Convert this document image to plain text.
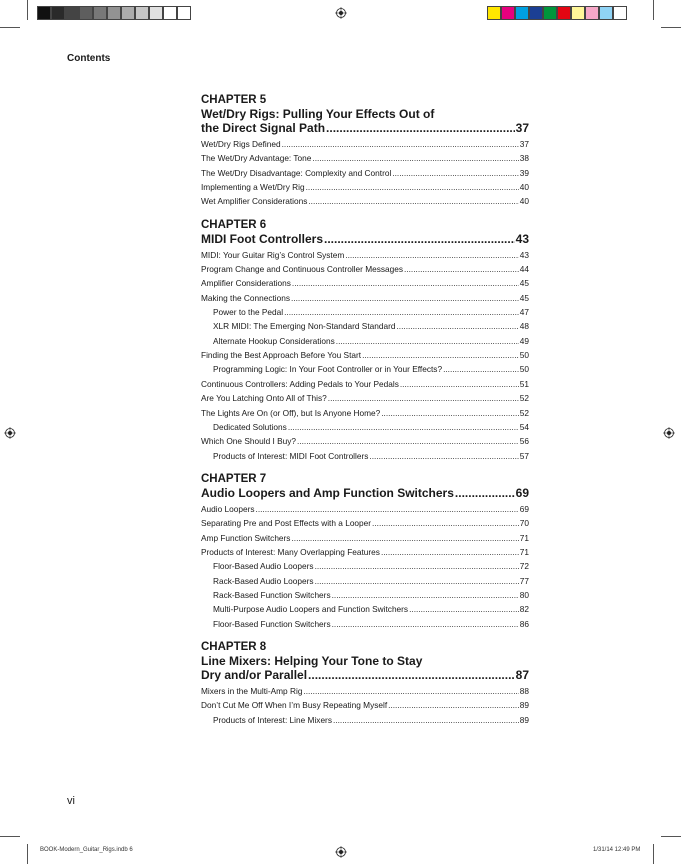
Contents
CHAPTER 5
Wet/Dry Rigs: Pulling Your Effects Out of
the Direct Signal Path .....	37
Wet/Dry Rigs Defined .....	37
The Wet/Dry Advantage: Tone .....	38
The Wet/Dry Disadvantage: Complexity and Control .....	39
Implementing a Wet/Dry Rig .....	40
Wet Amplifier Considerations .....	40
CHAPTER 6
MIDI Foot Controllers .....	43
MIDI: Your Guitar Rig’s Control System .....	43
Program Change and Continuous Controller Messages .....	44
Amplifier Considerations .....	45
Making the Connections .....	45
Power to the Pedal .....	47
XLR MIDI: The Emerging Non-Standard Standard .....	48
Alternate Hookup Considerations .....	49
Finding the Best Approach Before You Start .....	50
Programming Logic: In Your Foot Controller or in Your Effects? .....	50
Continuous Controllers: Adding Pedals to Your Pedals .....	51
Are You Latching Onto All of This? .....	52
The Lights Are On (or Off), but Is Anyone Home? .....	52
Dedicated Solutions .....	54
Which One Should I Buy? .....	56
Products of Interest: MIDI Foot Controllers .....	57
CHAPTER 7
Audio Loopers and Amp Function Switchers .....	69
Audio Loopers .....	69
Separating Pre and Post Effects with a Looper .....	70
Amp Function Switchers .....	71
Products of Interest: Many Overlapping Features .....	71
Floor-Based Audio Loopers .....	72
Rack-Based Audio Loopers .....	77
Rack-Based Function Switchers .....	80
Multi-Purpose Audio Loopers and Function Switchers .....	82
Floor-Based Function Switchers .....	86
CHAPTER 8
Line Mixers: Helping Your Tone to Stay
Dry and/or Parallel .....	87
Mixers in the Multi-Amp Rig .....	88
Don’t Cut Me Off When I’m Busy Repeating Myself .....	89
Products of Interest: Line Mixers .....	89
vi
BOOK-Modern_Guitar_Rigs.indb 6	1/31/14 12:49 PM
